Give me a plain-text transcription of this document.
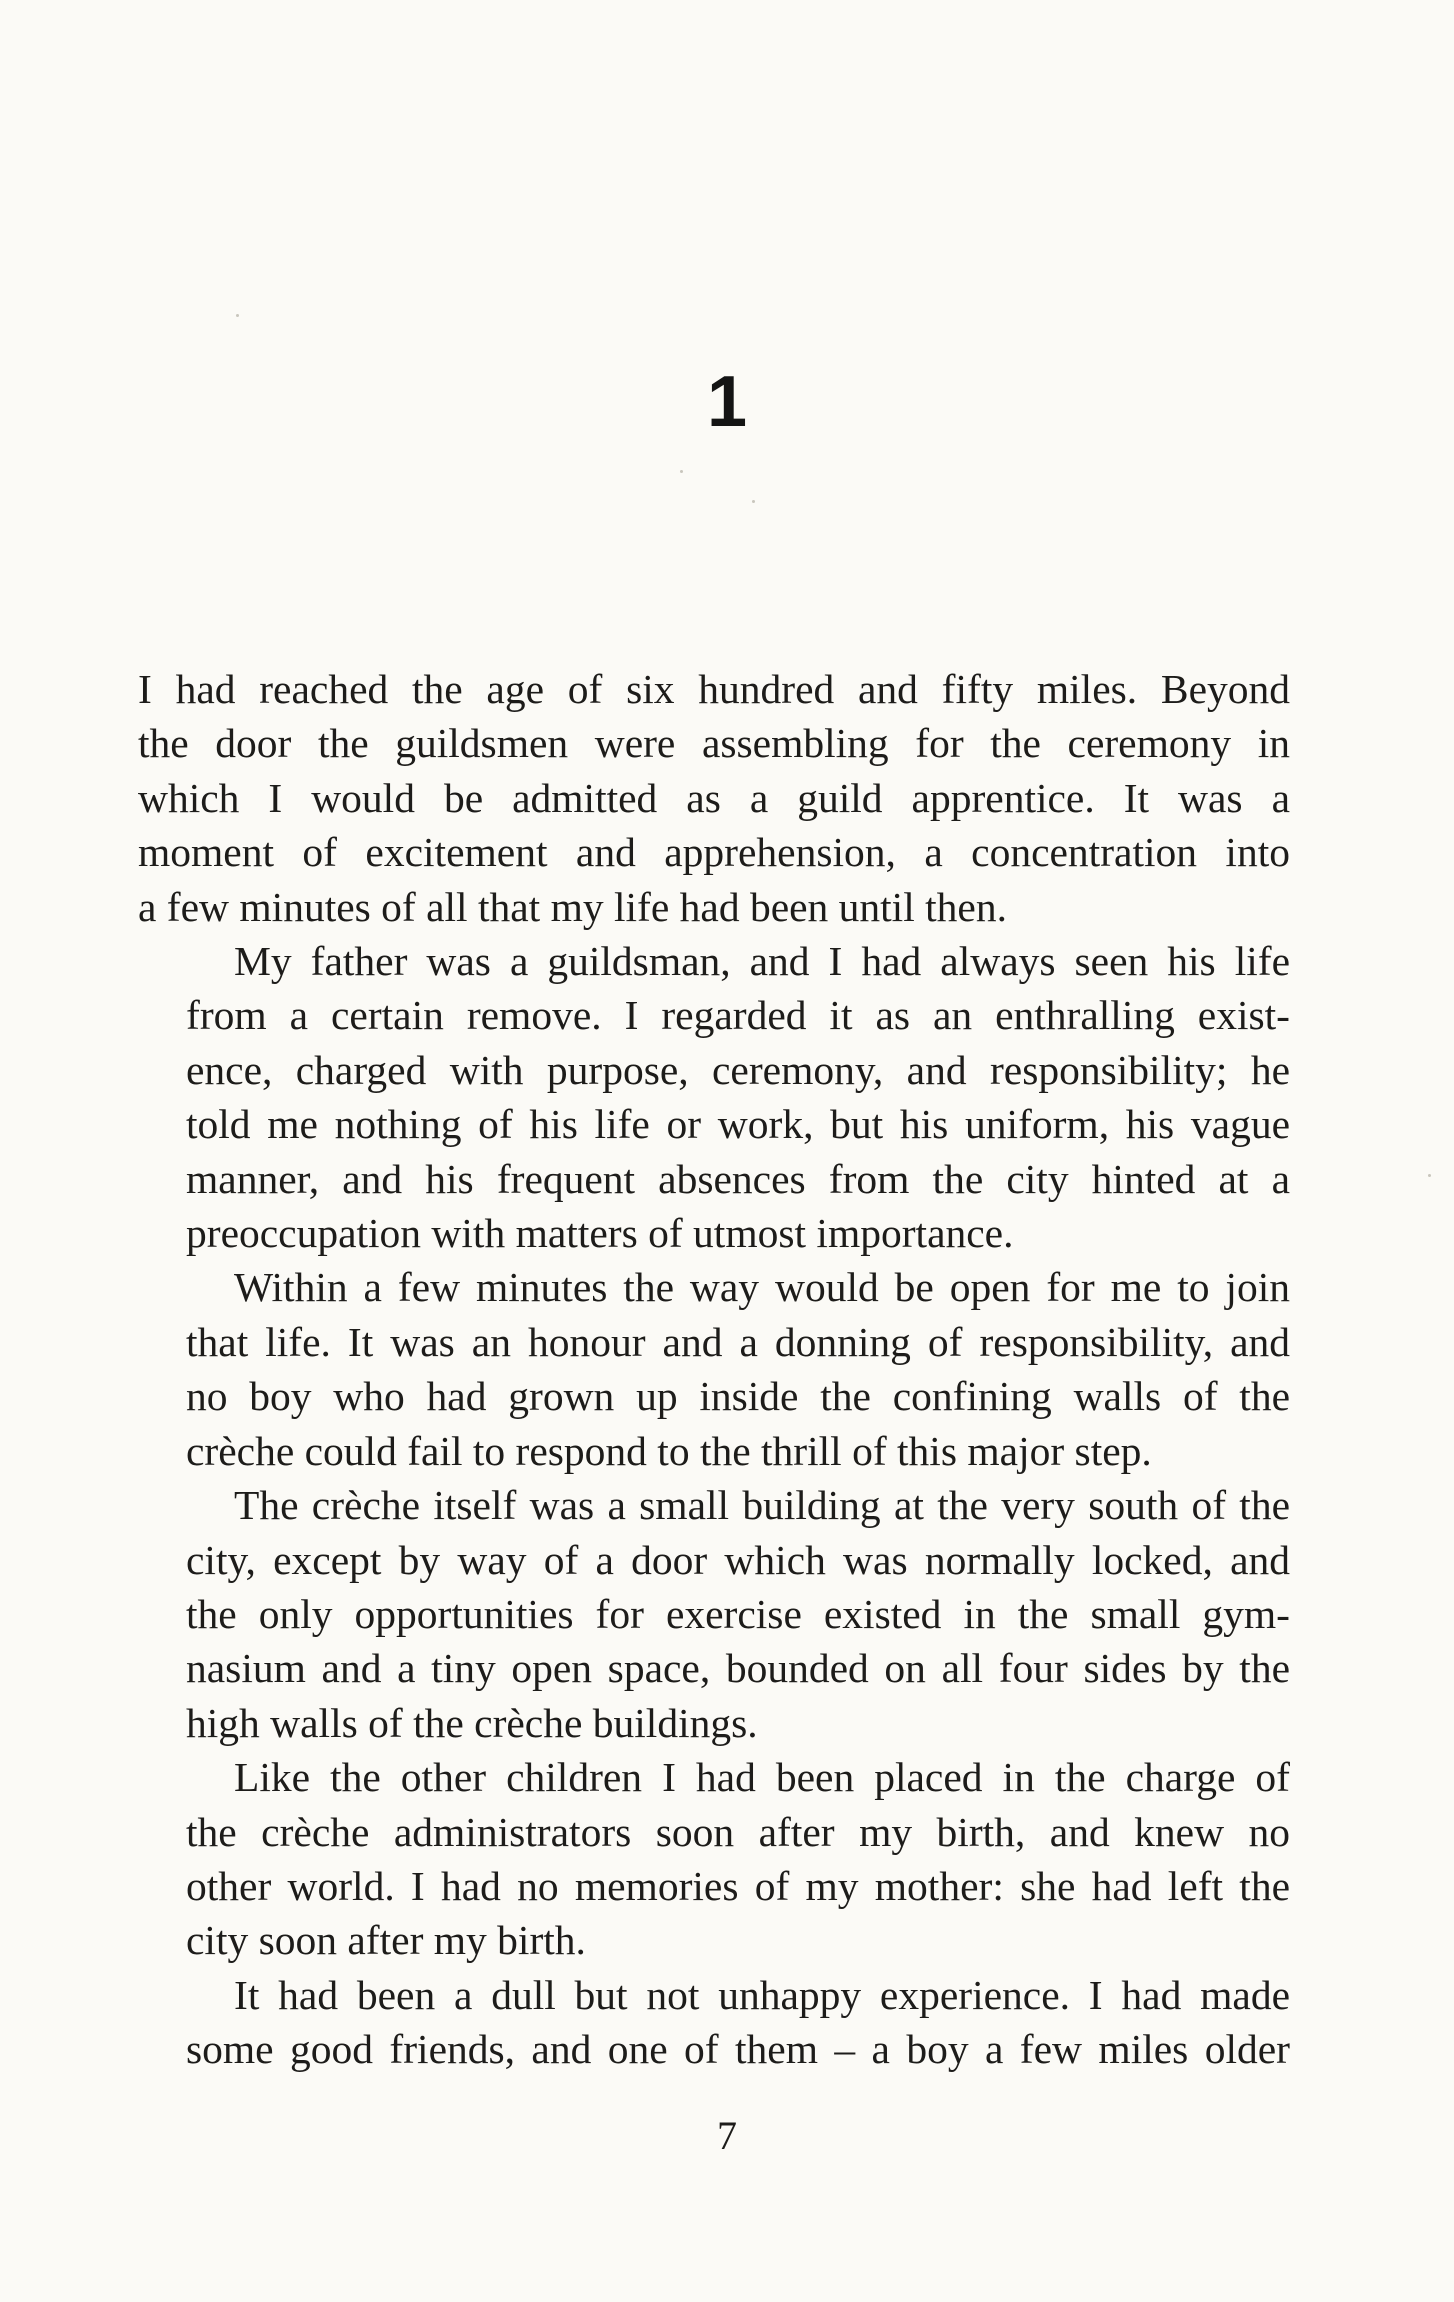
1

I had reached the age of six hundred and fifty miles. Beyond
the door the guildsmen were assembling for the ceremony in
which I would be admitted as a guild apprentice. It was a
moment of excitement and apprehension, a concentration into
a few minutes of all that my life had been until then.

My father was a guildsman, and I had always seen his life
from a certain remove. I regarded it as an enthralling exist-
ence, charged with purpose, ceremony, and responsibility; he
told me nothing of his life or work, but his uniform, his vague
manner, and his frequent absences from the city hinted at a
preoccupation with matters of utmost importance.

Within a few minutes the way would be open for me to join
that life. It was an honour and a donning of responsibility, and
no boy who had grown up inside the confining walls of the
crèche could fail to respond to the thrill of this major step.

The crèche itself was a small building at the very south of the
city, except by way of a door which was normally locked, and
the only opportunities for exercise existed in the small gym-
nasium and a tiny open space, bounded on all four sides by the
high walls of the crèche buildings.

Like the other children I had been placed in the charge of
the crèche administrators soon after my birth, and knew no
other world. I had no memories of my mother: she had left the
city soon after my birth.

It had been a dull but not unhappy experience. I had made
some good friends, and one of them – a boy a few miles older

7
